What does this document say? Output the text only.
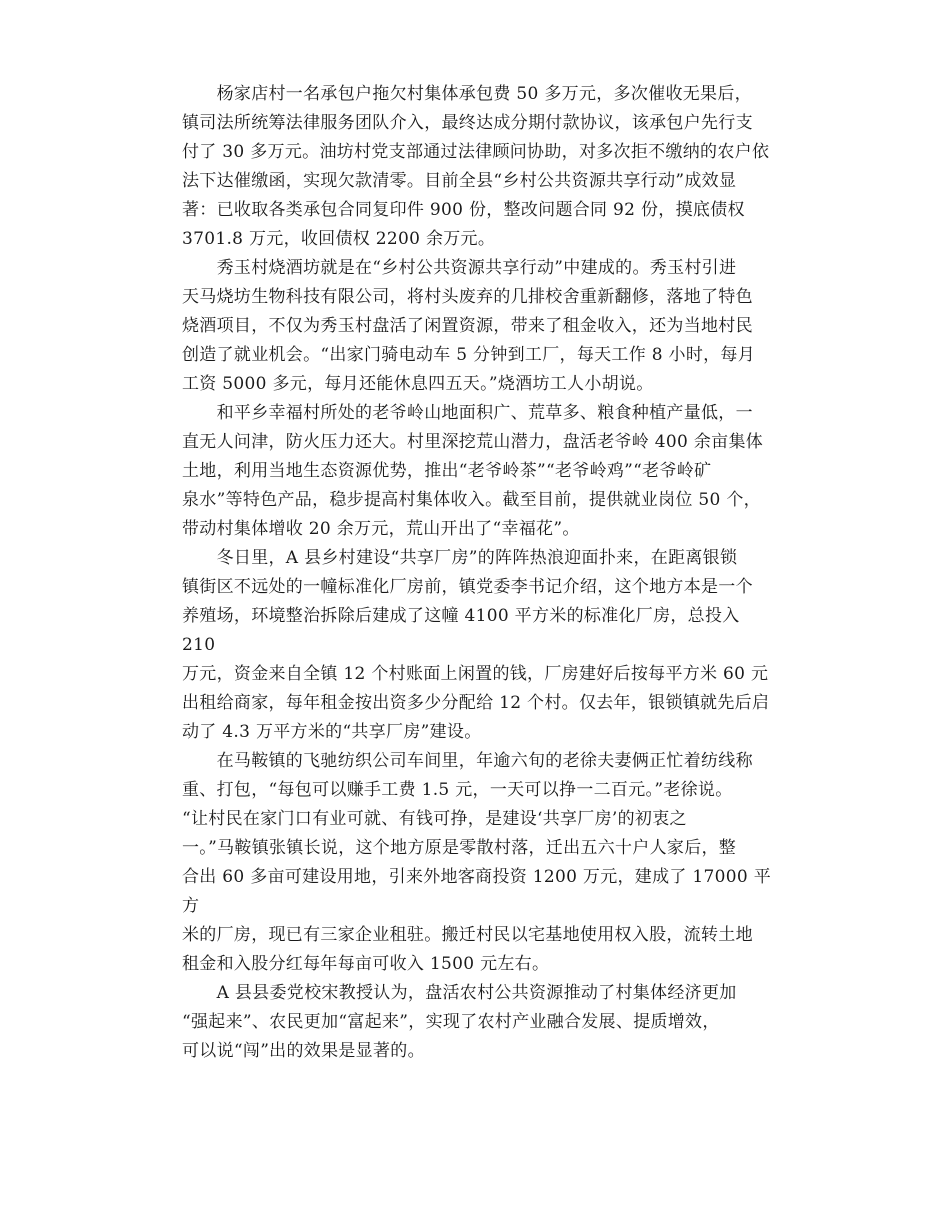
　　杨家店村一名承包户拖欠村集体承包费 50 多万元，多次催收无果后，
镇司法所统筹法律服务团队介入，最终达成分期付款协议，该承包户先行支
付了 30 多万元。油坊村党支部通过法律顾问协助，对多次拒不缴纳的农户依
法下达催缴函，实现欠款清零。目前全县“乡村公共资源共享行动”成效显
著：已收取各类承包合同复印件 900 份，整改问题合同 92 份，摸底债权
3701.8 万元，收回债权 2200 余万元。

　　秀玉村烧酒坊就是在“乡村公共资源共享行动”中建成的。秀玉村引进
天马烧坊生物科技有限公司，将村头废弃的几排校舍重新翻修，落地了特色
烧酒项目，不仅为秀玉村盘活了闲置资源，带来了租金收入，还为当地村民
创造了就业机会。“出家门骑电动车 5 分钟到工厂，每天工作 8 小时，每月
工资 5000 多元，每月还能休息四五天。”烧酒坊工人小胡说。

　　和平乡幸福村所处的老爷岭山地面积广、荒草多、粮食种植产量低，一
直无人问津，防火压力还大。村里深挖荒山潜力，盘活老爷岭 400 余亩集体
土地，利用当地生态资源优势，推出“老爷岭茶”“老爷岭鸡”“老爷岭矿
泉水”等特色产品，稳步提高村集体收入。截至目前，提供就业岗位 50 个，
带动村集体增收 20 余万元，荒山开出了“幸福花”。

　　冬日里，A 县乡村建设“共享厂房”的阵阵热浪迎面扑来，在距离银锁
镇街区不远处的一幢标准化厂房前，镇党委李书记介绍，这个地方本是一个
养殖场，环境整治拆除后建成了这幢 4100 平方米的标准化厂房，总投入 210
万元，资金来自全镇 12 个村账面上闲置的钱，厂房建好后按每平方米 60 元
出租给商家，每年租金按出资多少分配给 12 个村。仅去年，银锁镇就先后启
动了 4.3 万平方米的“共享厂房”建设。

　　在马鞍镇的飞驰纺织公司车间里，年逾六旬的老徐夫妻俩正忙着纺线称
重、打包，“每包可以赚手工费 1.5 元，一天可以挣一二百元。”老徐说。
“让村民在家门口有业可就、有钱可挣，是建设‘共享厂房’的初衷之
一。”马鞍镇张镇长说，这个地方原是零散村落，迁出五六十户人家后，整
合出 60 多亩可建设用地，引来外地客商投资 1200 万元，建成了 17000 平方
米的厂房，现已有三家企业租驻。搬迁村民以宅基地使用权入股，流转土地
租金和入股分红每年每亩可收入 1500 元左右。

　　A 县县委党校宋教授认为，盘活农村公共资源推动了村集体经济更加
“强起来”、农民更加“富起来”，实现了农村产业融合发展、提质增效，
可以说“闯”出的效果是显著的。
